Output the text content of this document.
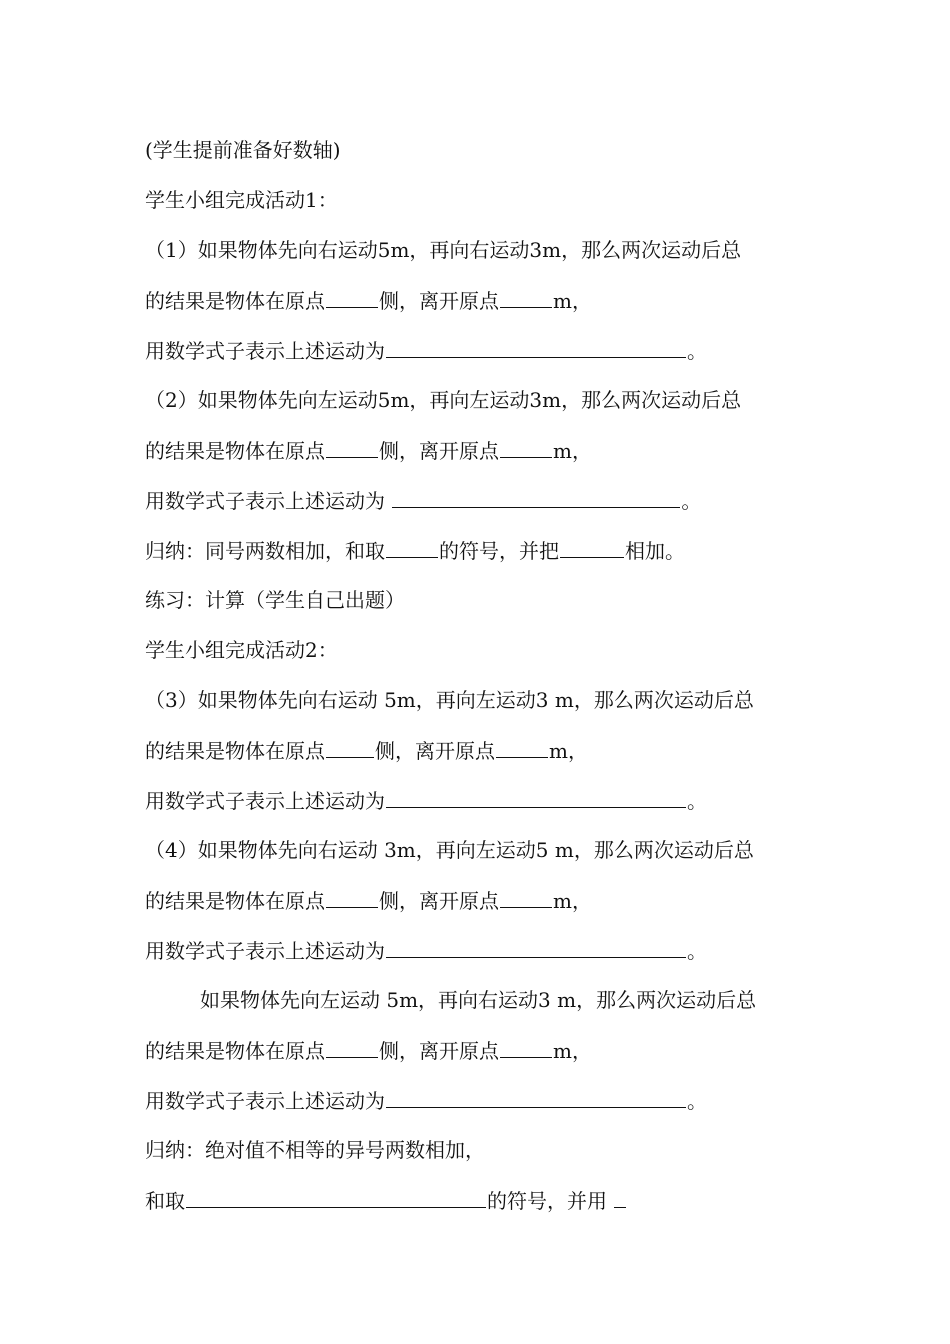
(学生提前准备好数轴)
学生小组完成活动1：
（1）如果物体先向右运动5m，再向右运动3m，那么两次运动后总
的结果是物体在原点	侧，离开原点	m，
用数学式子表示上述运动为	。
（2）如果物体先向左运动5m，再向左运动3m，那么两次运动后总
的结果是物体在原点	侧，离开原点	m，
用数学式子表示上述运动为	。
归纳：同号两数相加，和取	的符号，并把	相加。
练习：计算（学生自己出题）
学生小组完成活动2：
（3）如果物体先向右运动 5m，再向左运动3 m，那么两次运动后总
的结果是物体在原点	侧，离开原点	m，
用数学式子表示上述运动为	。
（4）如果物体先向右运动 3m，再向左运动5 m，那么两次运动后总
的结果是物体在原点	侧，离开原点	m，
用数学式子表示上述运动为	。
如果物体先向左运动 5m，再向右运动3 m，那么两次运动后总
的结果是物体在原点	侧，离开原点	m，
用数学式子表示上述运动为	。
归纳：绝对值不相等的异号两数相加，
和取	的符号，并用
